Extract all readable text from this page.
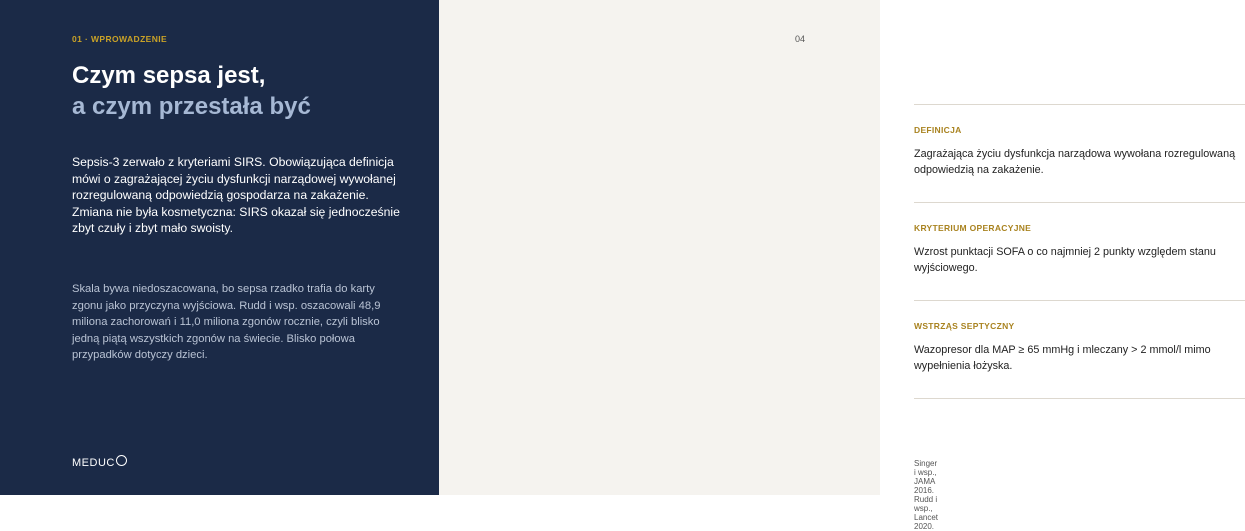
01 · WPROWADZENIE
Czym sepsa jest,
a czym przestała być

Sepsis-3 zerwało z kryteriami SIRS. Obowiązująca definicja mówi o zagrażającej życiu dysfunkcji narządowej wywołanej rozregulowaną odpowiedzią gospodarza na zakażenie. Zmiana nie była kosmetyczna: SIRS okazał się jednocześnie zbyt czuły i zbyt mało swoisty.

Skala bywa niedoszacowana, bo sepsa rzadko trafia do karty zgonu jako przyczyna wyjściowa. Rudd i wsp. oszacowali 48,9 miliona zachorowań i 11,0 miliona zgonów rocznie, czyli blisko jedną piątą wszystkich zgonów na świecie. Blisko połowa przypadków dotyczy dzieci.

MEDUC
04
DEFINICJA
Zagrażająca życiu dysfunkcja narządowa wywołana rozregulowaną odpowiedzią na zakażenie.
KRYTERIUM OPERACYJNE
Wzrost punktacji SOFA o co najmniej 2 punkty względem stanu wyjściowego.
WSTRZĄS SEPTYCZNY
Wazopresor dla MAP ≥ 65 mmHg i mleczany > 2 mmol/l mimo wypełnienia łożyska.
Singer i wsp., JAMA 2016. Rudd i wsp., Lancet 2020.
